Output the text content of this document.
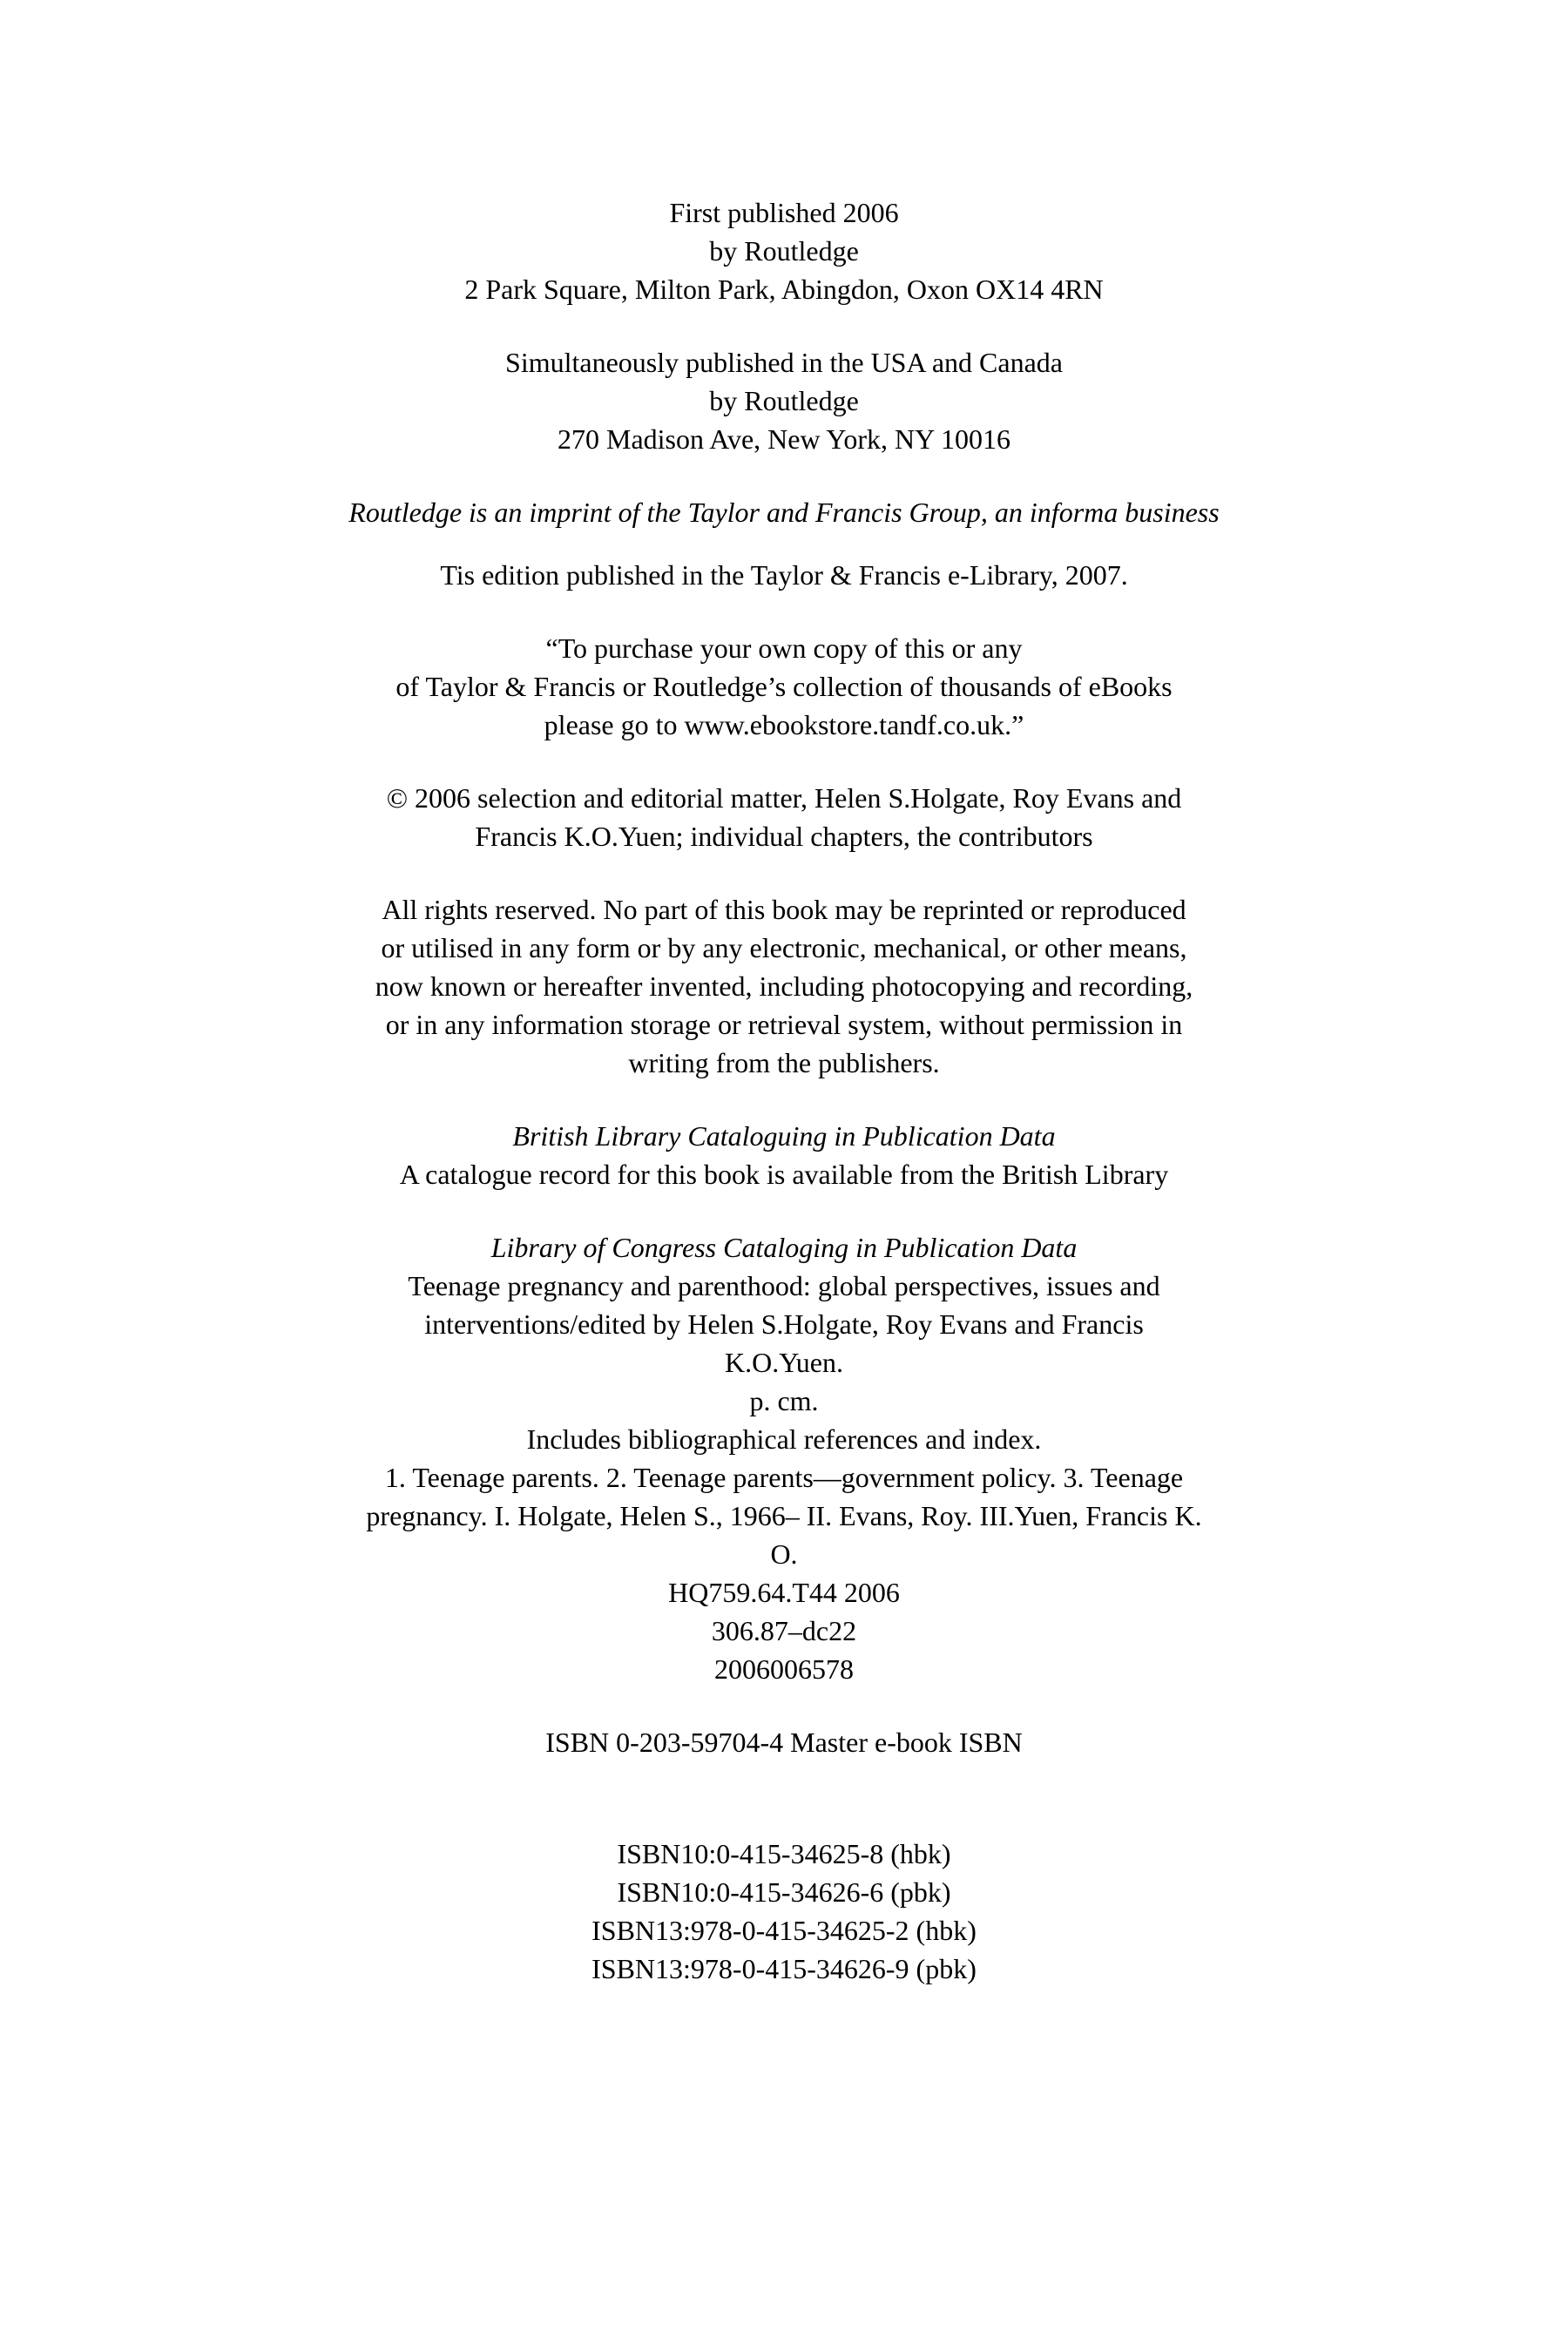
First published 2006
by Routledge
2 Park Square, Milton Park, Abingdon, Oxon OX14 4RN
Simultaneously published in the USA and Canada
by Routledge
270 Madison Ave, New York, NY 10016
Routledge is an imprint of the Taylor and Francis Group, an informa business
Tis edition published in the Taylor & Francis e-Library, 2007.
“To purchase your own copy of this or any
of Taylor & Francis or Routledge’s collection of thousands of eBooks
please go to www.ebookstore.tandf.co.uk.”
© 2006 selection and editorial matter, Helen S.Holgate, Roy Evans and
Francis K.O.Yuen; individual chapters, the contributors
All rights reserved. No part of this book may be reprinted or reproduced
or utilised in any form or by any electronic, mechanical, or other means,
now known or hereafter invented, including photocopying and recording,
or in any information storage or retrieval system, without permission in
writing from the publishers.
British Library Cataloguing in Publication Data
A catalogue record for this book is available from the British Library
Library of Congress Cataloging in Publication Data
Teenage pregnancy and parenthood: global perspectives, issues and
interventions/edited by Helen S.Holgate, Roy Evans and Francis
K.O.Yuen.
p. cm.
Includes bibliographical references and index.
1. Teenage parents. 2. Teenage parents—government policy. 3. Teenage
pregnancy. I. Holgate, Helen S., 1966– II. Evans, Roy. III.Yuen, Francis K.
O.
HQ759.64.T44 2006
306.87–dc22
2006006578
ISBN 0-203-59704-4 Master e-book ISBN
ISBN10:0-415-34625-8 (hbk)
ISBN10:0-415-34626-6 (pbk)
ISBN13:978-0-415-34625-2 (hbk)
ISBN13:978-0-415-34626-9 (pbk)
